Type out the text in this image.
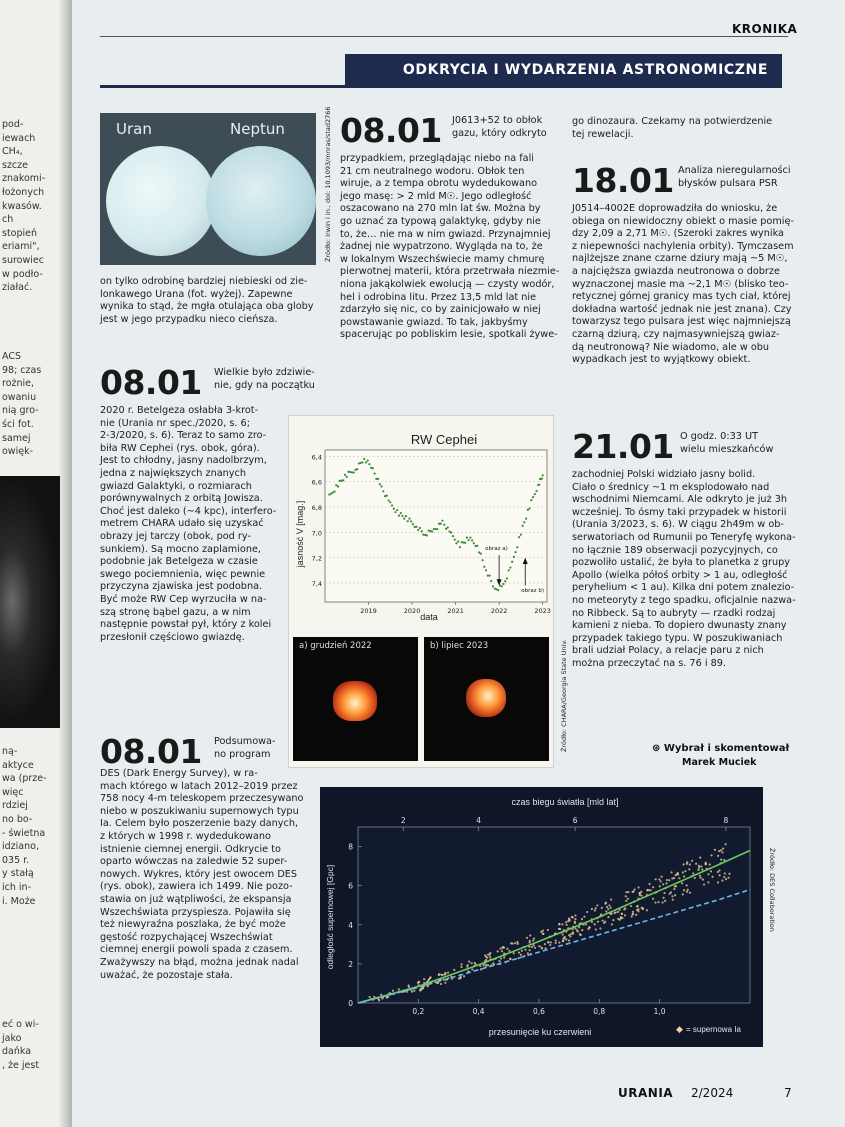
pod-
iewach
CH₄,
szcze
znakomi-
łożonych
kwasów.
ch
stopień
eriami",
surowiec
w podło-
ziałać.
ACS
98; czas
rożnie,
owaniu
nią gro-
ści fot.
samej
owięk-
ną-
aktyce
wa (prze-
więc
rdziej
no bo-
- świetna
idziano,
035 r.
y stałą
ich in-
i. Może
eć o wi-
jako
dańka
, że jest
KRONIKA
ODKRYCIA I WYDARZENIA ASTRONOMICZNE
Uran	Neptun	Źródło: Irwin i in., doi: 10.1093/mnras/stad2766
on tylko odrobinę bardziej niebieski od zie-
lonkawego Urana (fot. wyżej). Zapewne
wynika to stąd, że mgła otulająca oba globy
jest w jego przypadku nieco cieńsza.
08.01 Wielkie było zdziwie-
nie, gdy na początku
2020 r. Betelgeza osłabła 3-krot-
nie (Urania nr spec./2020, s. 6;
2-3/2020, s. 6). Teraz to samo zro-
biła RW Cephei (rys. obok, góra).
Jest to chłodny, jasny nadolbrzym,
jedna z największych znanych
gwiazd Galaktyki, o rozmiarach
porównywalnych z orbitą Jowisza.
Choć jest daleko (~4 kpc), interfero-
metrem CHARA udało się uzyskać
obrazy jej tarczy (obok, pod ry-
sunkiem). Są mocno zaplamione,
podobnie jak Betelgeza w czasie
swego pociemnienia, więc pewnie
przyczyna zjawiska jest podobna.
Być może RW Cep wyrzuciła w na-
szą stronę bąbel gazu, a w nim
następnie powstał pył, który z kolei
przesłonił częściowo gwiazdę.
08.01 Podsumowa-
no program
DES (Dark Energy Survey), w ra-
mach którego w latach 2012–2019 przez
758 nocy 4-m teleskopem przeczesywano
niebo w poszukiwaniu supernowych typu
Ia. Celem było poszerzenie bazy danych,
z których w 1998 r. wydedukowano
istnienie ciemnej energii. Odkrycie to
oparto wówczas na zaledwie 52 super-
nowych. Wykres, który jest owocem DES
(rys. obok), zawiera ich 1499. Nie pozo-
stawia on już wątpliwości, że ekspansja
Wszechświata przyspiesza. Pojawiła się
też niewyraźna poszlaka, że być może
gęstość rozpychającej Wszechświat
ciemnej energii powoli spada z czasem.
Zważywszy na błąd, można jednak nadal
uważać, że pozostaje stała.
08.01 J0613+52 to obłok
gazu, który odkryto
przypadkiem, przeglądając niebo na fali
21 cm neutralnego wodoru. Obłok ten
wiruje, a z tempa obrotu wydedukowano
jego masę: > 2 mld M☉. Jego odległość
oszacowano na 270 mln lat św. Można by
go uznać za typową galaktykę, gdyby nie
to, że… nie ma w nim gwiazd. Przynajmniej
żadnej nie wypatrzono. Wygląda na to, że
w lokalnym Wszechświecie mamy chmurę
pierwotnej materii, która przetrwała niezmie-
niona jakąkolwiek ewolucją — czysty wodór,
hel i odrobina litu. Przez 13,5 mld lat nie
zdarzyło się nic, co by zainicjowało w niej
powstawanie gwiazd. To tak, jakbyśmy
spacerując po pobliskim lesie, spotkali żywe-
go dinozaura. Czekamy na potwierdzenie
tej rewelacji.
18.01 Analiza nieregularności
błysków pulsara PSR
J0514–4002E doprowadziła do wniosku, że
obiega on niewidoczny obiekt o masie pomię-
dzy 2,09 a 2,71 M☉. (Szeroki zakres wynika
z niepewności nachylenia orbity). Tymczasem
najlżejsze znane czarne dziury mają ~5 M☉,
a najcięższa gwiazda neutronowa o dobrze
wyznaczonej masie ma ~2,1 M☉ (blisko teo-
retycznej górnej granicy mas tych ciał, której
dokładna wartość jednak nie jest znana). Czy
towarzysz tego pulsara jest więc najmniejszą
czarną dziurą, czy najmasywniejszą gwiaz-
dą neutronową? Nie wiadomo, ale w obu
wypadkach jest to wyjątkowy obiekt.
21.01 O godz. 0:33 UT
wielu mieszkańców
zachodniej Polski widziało jasny bolid.
Ciało o średnicy ~1 m eksplodowało nad
wschodnimi Niemcami. Ale odkryto je już 3h
wcześniej. To ósmy taki przypadek w historii
(Urania 3/2023, s. 6). W ciągu 2h49m w ob-
serwatoriach od Rumunii po Teneryfę wykona-
no łącznie 189 obserwacji pozycyjnych, co
pozwoliło ustalić, że była to planetka z grupy
Apollo (wielka półoś orbity > 1 au, odległość
peryhelium < 1 au). Kilka dni potem znalezio-
no meteoryty z tego spadku, oficjalnie nazwa-
no Ribbeck. Są to aubryty — rzadki rodzaj
kamieni z nieba. To dopiero dwunasty znany
przypadek takiego typu. W poszukiwaniach
brali udział Polacy, a relacje paru z nich
można przeczytać na s. 76 i 89.
⊛ Wybrał i skomentował
Marek Muciek
RW Cephei
jasność V [mag.]
data
6,4
6,6
6,8
7,0
7,2
7,4
2019	2020	2021	2022	2023
obraz a)
obraz b)
a) grudzień 2022	b) lipiec 2023	Źródło: CHARA/Georgia State Univ.
czas biegu światła [mld lat]
odległość supernowej [Gpc]
przesunięcie ku czerwieni	◆ = supernowa Ia
0
2
4
6
8
0,2	0,4	0,6	0,8	1,0
2	4	6	8
Źródło: DES Collaboration
URANIA 2/2024	7
